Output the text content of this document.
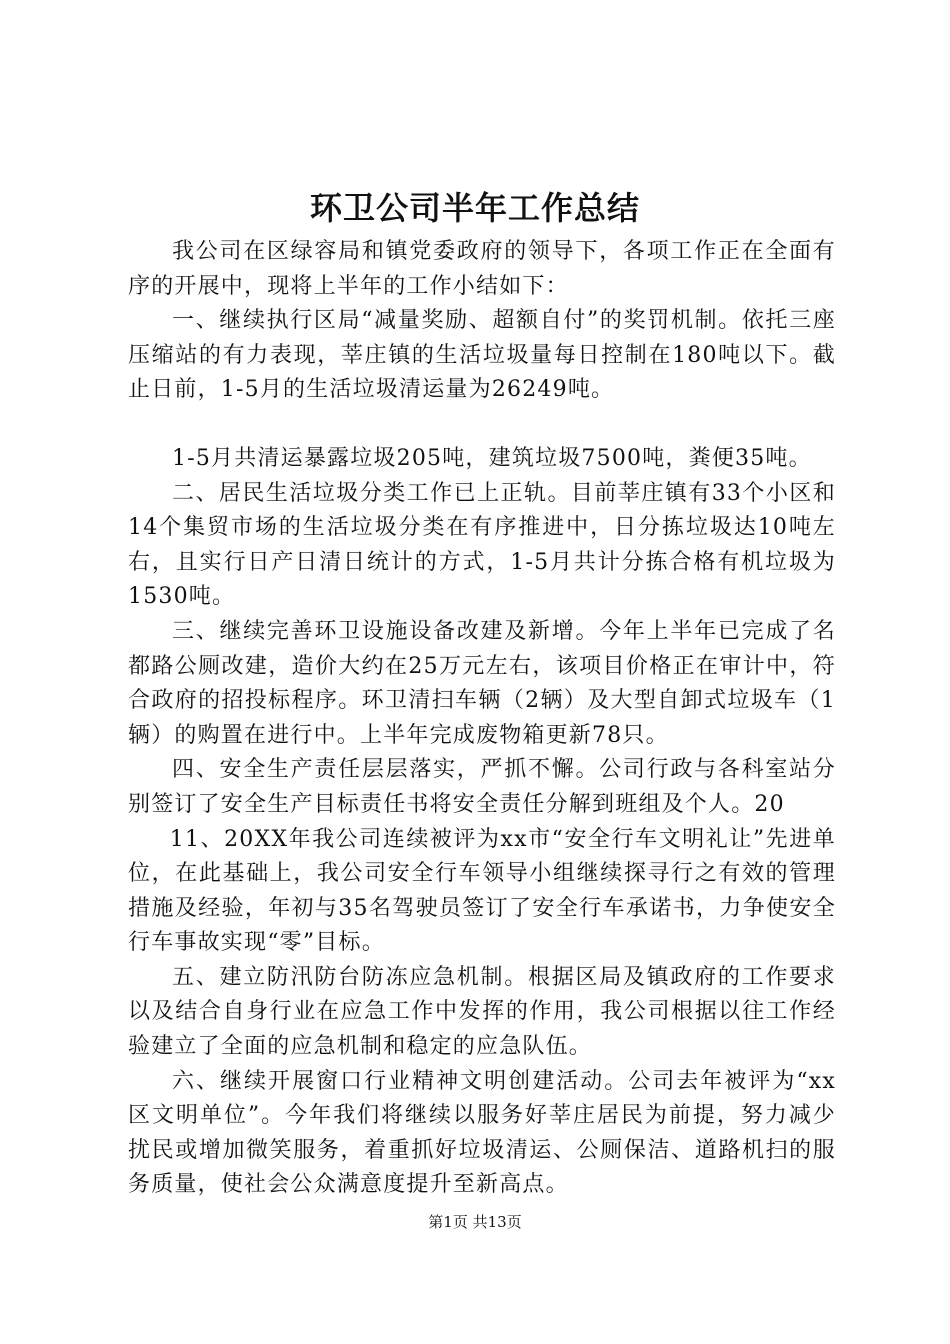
环卫公司半年工作总结

我公司在区绿容局和镇党委政府的领导下，各项工作正在全面有序的开展中，现将上半年的工作小结如下：

一、继续执行区局“减量奖励、超额自付”的奖罚机制。依托三座压缩站的有力表现，莘庄镇的生活垃圾量每日控制在180吨以下。截止日前，1-5月的生活垃圾清运量为26249吨。

1-5月共清运暴露垃圾205吨，建筑垃圾7500吨，粪便35吨。

二、居民生活垃圾分类工作已上正轨。目前莘庄镇有33个小区和14个集贸市场的生活垃圾分类在有序推进中，日分拣垃圾达10吨左右，且实行日产日清日统计的方式，1-5月共计分拣合格有机垃圾为1530吨。

三、继续完善环卫设施设备改建及新增。今年上半年已完成了名都路公厕改建，造价大约在25万元左右，该项目价格正在审计中，符合政府的招投标程序。环卫清扫车辆（2辆）及大型自卸式垃圾车（1辆）的购置在进行中。上半年完成废物箱更新78只。

四、安全生产责任层层落实，严抓不懈。公司行政与各科室站分别签订了安全生产目标责任书将安全责任分解到班组及个人。20

11、20XX年我公司连续被评为xx市“安全行车文明礼让”先进单位，在此基础上，我公司安全行车领导小组继续探寻行之有效的管理措施及经验，年初与35名驾驶员签订了安全行车承诺书，力争使安全行车事故实现“零”目标。

五、建立防汛防台防冻应急机制。根据区局及镇政府的工作要求以及结合自身行业在应急工作中发挥的作用，我公司根据以往工作经验建立了全面的应急机制和稳定的应急队伍。

六、继续开展窗口行业精神文明创建活动。公司去年被评为“xx区文明单位”。今年我们将继续以服务好莘庄居民为前提，努力减少扰民或增加微笑服务，着重抓好垃圾清运、公厕保洁、道路机扫的服务质量，使社会公众满意度提升至新高点。

第1页 共13页
